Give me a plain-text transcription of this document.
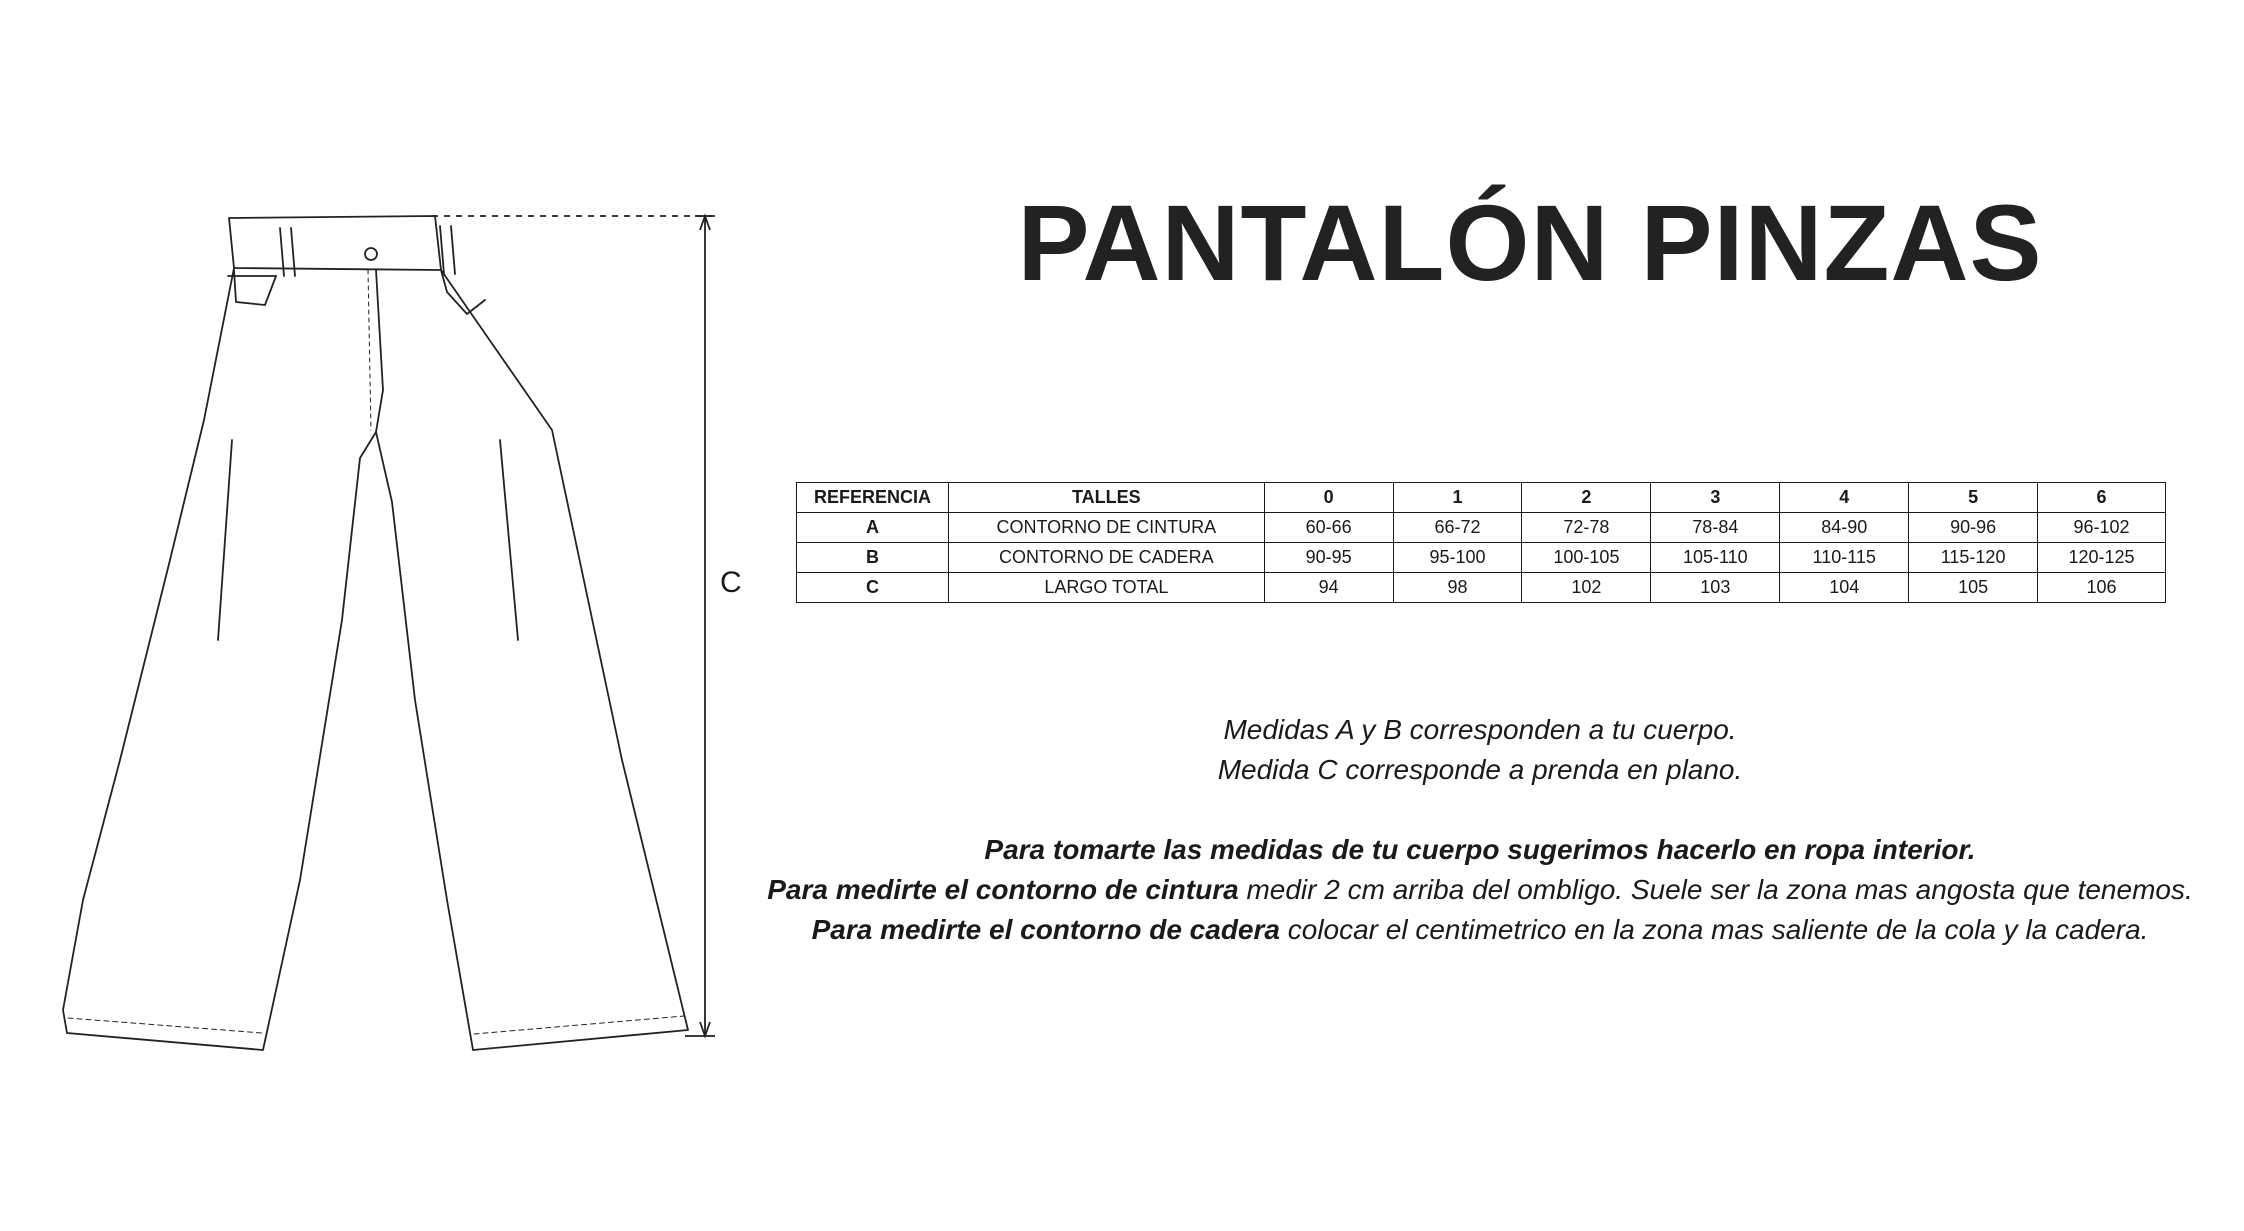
C
PANTALÓN PINZAS
REFERENCIA	TALLES	0	1	2	3	4	5	6
A	CONTORNO DE CINTURA	60-66	66-72	72-78	78-84	84-90	90-96	96-102
B	CONTORNO DE CADERA	90-95	95-100	100-105	105-110	110-115	115-120	120-125
C	LARGO TOTAL	94	98	102	103	104	105	106
Medidas A y B corresponden a tu cuerpo.
Medida C corresponde a prenda en plano.
Para tomarte las medidas de tu cuerpo sugerimos hacerlo en ropa interior.
Para medirte el contorno de cintura medir 2 cm arriba del ombligo. Suele ser la zona mas angosta que tenemos.
Para medirte el contorno de cadera colocar el centimetrico en la zona mas saliente de la cola y la cadera.
